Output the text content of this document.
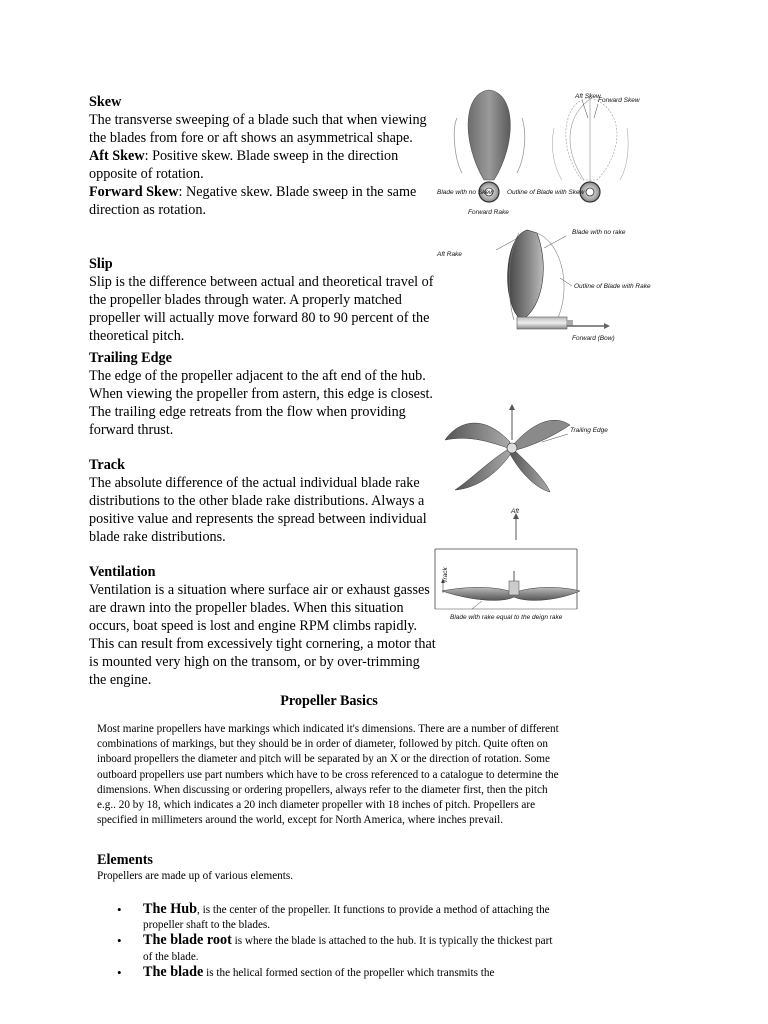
Skew

The transverse sweeping of a blade such that when viewing the blades from fore or aft shows an asymmetrical shape.
Aft Skew: Positive skew. Blade sweep in the direction opposite of rotation.
Forward Skew: Negative skew. Blade sweep in the same direction as rotation.

Slip

Slip is the difference between actual and theoretical travel of the propeller blades through water. A properly matched propeller will actually move forward 80 to 90 percent of the theoretical pitch.

Trailing Edge

The edge of the propeller adjacent to the aft end of the hub. When viewing the propeller from astern, this edge is closest. The trailing edge retreats from the flow when providing forward thrust.

Track

The absolute difference of the actual individual blade rake distributions to the other blade rake distributions. Always a positive value and represents the spread between individual blade rake distributions.

Ventilation

Ventilation is a situation where surface air or exhaust gasses are drawn into the propeller blades. When this situation occurs, boat speed is lost and engine RPM climbs rapidly. This can result from excessively tight cornering, a motor that is mounted very high on the transom, or by over-trimming the engine.

Aft Skew
Forward Skew
Blade with no Skew Outline of Blade with Skew
Forward Rake
Blade with no rake
Aft Rake
Outline of Blade with Rake
Forward (Bow)
Trailing Edge
Aft
Track
Blade with rake equal to the deign rake
Propeller Basics
Most marine propellers have markings which indicated it's dimensions. There are a number of different combinations of markings, but they should be in order of diameter, followed by pitch. Quite often on inboard propellers the diameter and pitch will be separated by an X or the direction of rotation. Some outboard propellers use part numbers which have to be cross referenced to a catalogue to determine the dimensions. When discussing or ordering propellers, always refer to the diameter first, then the pitch e.g.. 20 by 18, which indicates a 20 inch diameter propeller with 18 inches of pitch. Propellers are specified in millimeters around the world, except for North America, where inches prevail.
Elements
Propellers are made up of various elements.
• The Hub, is the center of the propeller. It functions to provide a method of attaching the propeller shaft to the blades.
• The blade root is where the blade is attached to the hub. It is typically the thickest part of the blade.
• The blade is the helical formed section of the propeller which transmits the
